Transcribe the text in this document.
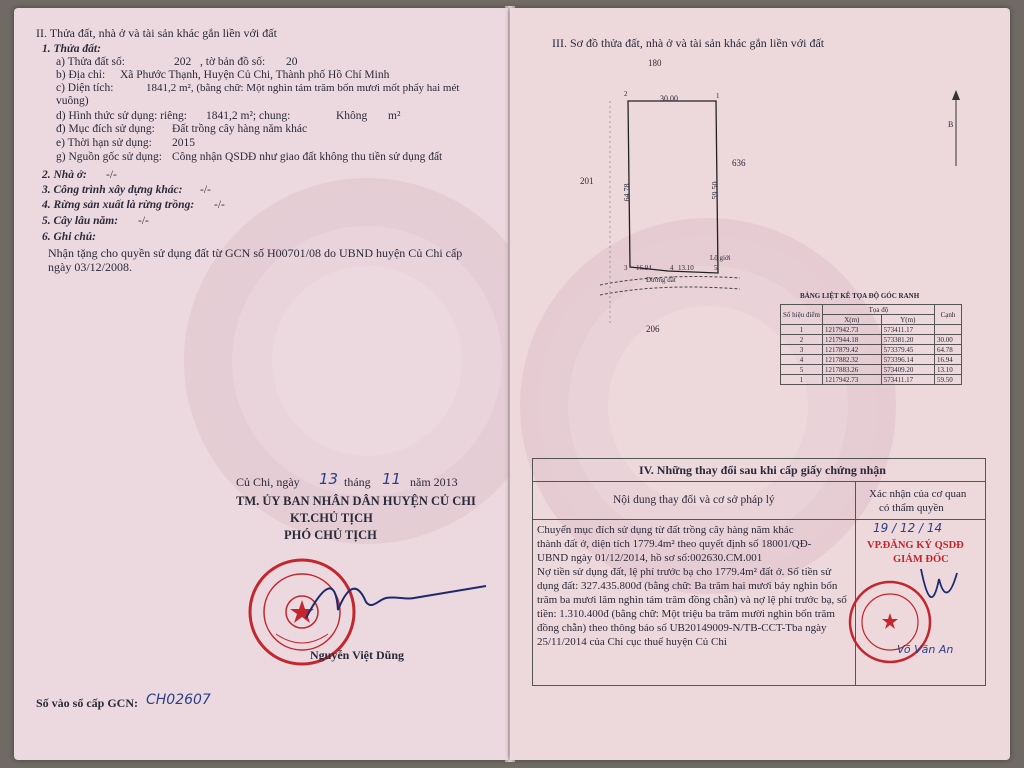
II. Thửa đất, nhà ở và tài sản khác gắn liền với đất
1. Thửa đất:
a) Thửa đất số:	202 , tờ bản đồ số: 20
b) Địa chỉ: Xã Phước Thạnh, Huyện Củ Chi, Thành phố Hồ Chí Minh
c) Diện tích:	1841,2 m², (bằng chữ: Một nghìn tám trăm bốn mươi mốt phẩy hai mét
vuông)
d) Hình thức sử dụng: riêng: 1841,2 m²; chung:	Không m²
đ) Mục đích sử dụng: Đất trồng cây hàng năm khác
e) Thời hạn sử dụng: 2015
g) Nguồn gốc sử dụng: Công nhận QSDĐ như giao đất không thu tiền sử dụng đất
2. Nhà ở: -/-
3. Công trình xây dựng khác: -/-
4. Rừng sản xuất là rừng trồng: -/-
5. Cây lâu năm: -/-
6. Ghi chú:
Nhận tặng cho quyền sử dụng đất từ GCN số H00701/08 do UBND huyện Củ Chi cấp
ngày 03/12/2008.
Củ Chi, ngày 13 tháng 11 năm 2013
TM. ỦY BAN NHÂN DÂN HUYỆN CỦ CHI
KT.CHỦ TỊCH
PHÓ CHỦ TỊCH
Nguyễn Việt Dũng
Số vào sổ cấp GCN: CH02607
III. Sơ đồ thửa đất, nhà ở và tài sản khác gắn liền với đất
180
201
636
206
30.00
64.78	59.50
16.94	13.10
2	1
3	4	5
Đường đất
Lộ giới
B
BẢNG LIỆT KÊ TỌA ĐỘ GÓC RANH
Số hiệu điểm	Tọa độ		Cạnh
	X(m)	Y(m)	
1	1217942.73	573411.17	
2	1217944.18	573381.20	30.00
3	1217879.42	573379.45	64.78
4	1217882.32	573396.14	16.94
5	1217883.26	573409.20	13.10
1	1217942.73	573411.17	59.50
IV. Những thay đổi sau khi cấp giấy chứng nhận
Nội dung thay đổi và cơ sở pháp lý	Xác nhận của cơ quan
có thẩm quyền
Chuyển mục đích sử dụng từ đất trồng cây hàng năm khác
thành đất ở, diện tích 1779.4m² theo quyết định số 18001/QĐ-
UBND ngày 01/12/2014, hồ sơ số:002630.CM.001
Nợ tiền sử dụng đất, lệ phí trước bạ cho 1779.4m² đất ở. Số tiền sử
dụng đất: 327.435.800đ (bằng chữ: Ba trăm hai mươi bảy nghìn bốn
trăm ba mươi lăm nghìn tám trăm đồng chẵn) và nợ lệ phí trước bạ, số
tiền: 1.310.400đ (bằng chữ: Một triệu ba trăm mười nghìn bốn trăm
đồng chẵn) theo thông báo số UB20149009-N/TB-CCT-Tba ngày
25/11/2014 của Chi cục thuế huyện Củ Chi
19 / 12 / 14
VP.ĐĂNG KÝ QSDĐ
GIÁM ĐỐC
Võ Văn An
